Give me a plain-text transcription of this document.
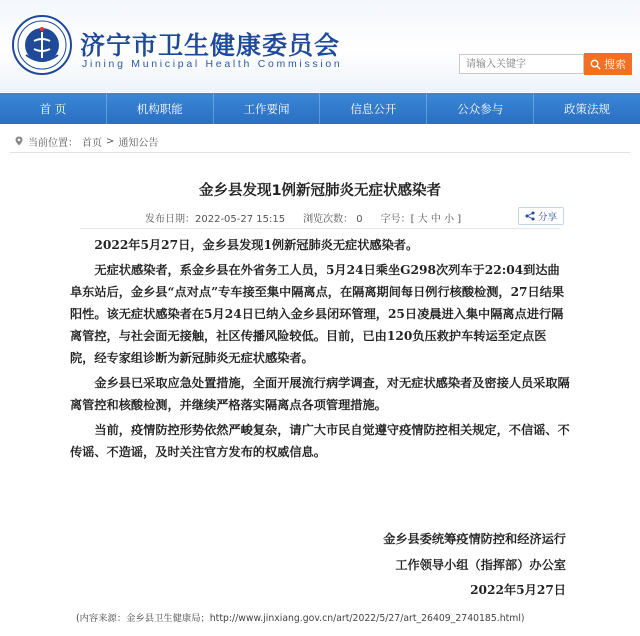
济宁市卫生健康委员会
Jining Municipal Health Commission
请输入关键字	搜索
首 页	机构职能	工作要闻	信息公开	公众参与	政策法规
当前位置： 首页 > 通知公告
金乡县发现1例新冠肺炎无症状感染者
发布日期：2022-05-27 15:15 浏览次数： 0 字号：[ 大 中 小 ]	分享

2022年5月27日，金乡县发现1例新冠肺炎无症状感染者。

无症状感染者，系金乡县在外省务工人员，5月24日乘坐G298次列车于22:04到达曲阜东站后，金乡县“点对点”专车接至集中隔离点，在隔离期间每日例行核酸检测，27日结果阳性。该无症状感染者在5月24日已纳入金乡县闭环管理，25日凌晨进入集中隔离点进行隔离管控，与社会面无接触，社区传播风险较低。目前，已由120负压救护车转运至定点医院，经专家组诊断为新冠肺炎无症状感染者。

金乡县已采取应急处置措施，全面开展流行病学调查，对无症状感染者及密接人员采取隔离管控和核酸检测，并继续严格落实隔离点各项管理措施。

当前，疫情防控形势依然严峻复杂，请广大市民自觉遵守疫情防控相关规定，不信谣、不传谣、不造谣，及时关注官方发布的权威信息。

金乡县委统筹疫情防控和经济运行
工作领导小组（指挥部）办公室
2022年5月27日
(内容来源：金乡县卫生健康局；http://www.jinxiang.gov.cn/art/2022/5/27/art_26409_2740185.html)
